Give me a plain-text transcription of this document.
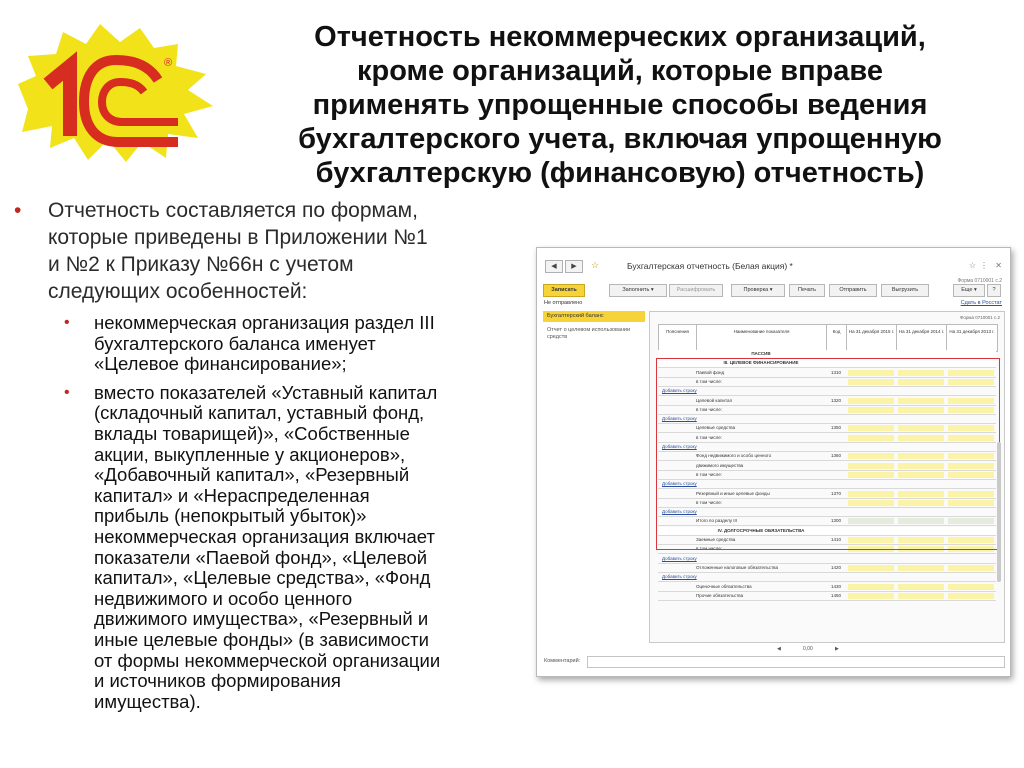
®
Отчетность некоммерческих организаций,
кроме организаций, которые вправе
применять упрощенные способы ведения
бухгалтерского учета, включая упрощенную
бухгалтерскую (финансовую) отчетность)
• Отчетность составляется по формам,
которые приведены в Приложении №1
и №2 к Приказу №66н с учетом
следующих особенностей:
• некоммерческая организация раздел III
бухгалтерского баланса именует
«Целевое финансирование»;
• вместо показателей «Уставный капитал
(складочный капитал, уставный фонд,
вклады товарищей)», «Собственные
акции, выкупленные у акционеров»,
«Добавочный капитал», «Резервный
капитал» и «Нераспределенная
прибыль (непокрытый убыток)»
некоммерческая организация включает
показатели «Паевой фонд», «Целевой
капитал», «Целевые средства», «Фонд
недвижимого и особо ценного
движимого имущества», «Резервный и
иные целевые фонды» (в зависимости
от формы некоммерческой организации
и источников формирования
имущества).
◀	▶	☆	Бухгалтерская отчетность (Белая акция) *	☆ ⋮ ✕
Форма 0710001 с.2
Записать	Заполнить ▾	Расшифровать	Проверка ▾	Печать	Отправить	Выгрузить	Еще ▾	?
Не отправлено	Сдать в Росстат
Бухгалтерский баланс
Отчет о целевом использовании средств
Форма 0710001 с.2
Пояснения	Наименование показателя	Код	На 31 декабря 2015 г.	На 31 декабря 2014 г.	На 31 декабря 2013 г.
ПАССИВ
III. ЦЕЛЕВОЕ ФИНАНСИРОВАНИЕ
Паевой фонд	1310
в том числе:
Добавить строку
Целевой капитал	1320
в том числе:
Добавить строку
Целевые средства	1350
в том числе:
Добавить строку
Фонд недвижимого и особо ценного	1360
движимого имущества
в том числе:
Добавить строку
Резервный и иные целевые фонды	1370
в том числе:
Добавить строку
Итого по разделу III	1300
IV. ДОЛГОСРОЧНЫЕ ОБЯЗАТЕЛЬСТВА
Заемные средства	1410
в том числе:
Добавить строку
Отложенные налоговые обязательства	1420
Добавить строку
Оценочные обязательства	1430
Прочие обязательства	1450
◀	0,00	▶
Комментарий:
